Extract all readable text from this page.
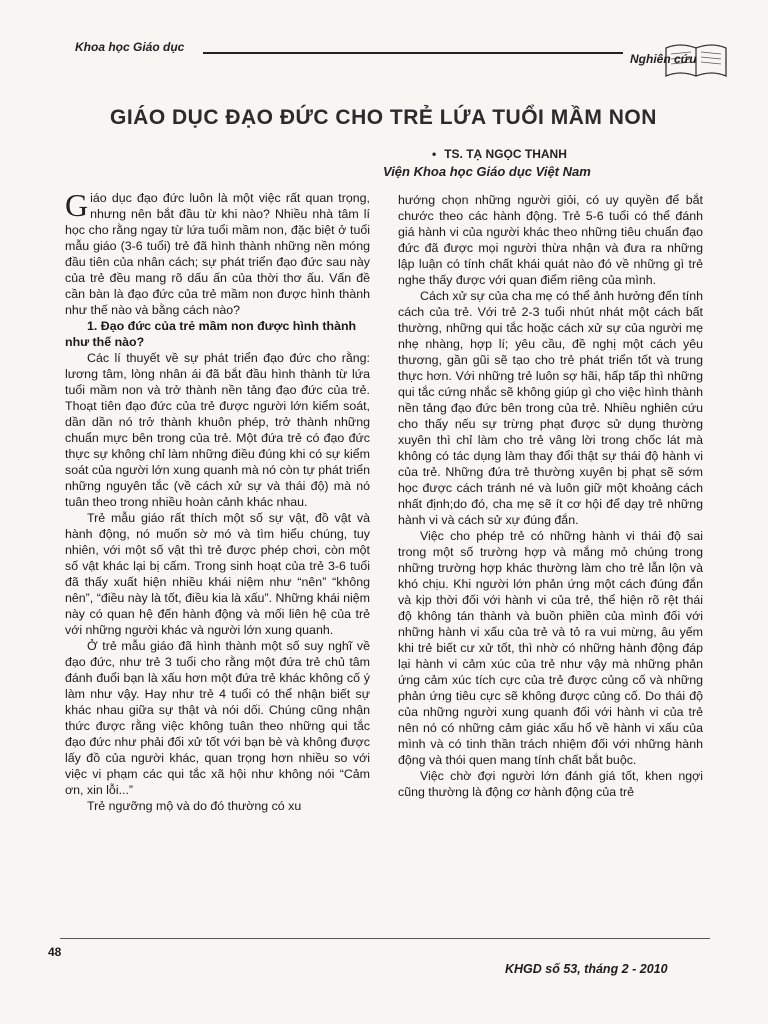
Khoa học Giáo dục
Nghiên cứu
GIÁO DỤC ĐẠO ĐỨC CHO TRẺ LỨA TUỔI MẦM NON
• TS. TẠ NGỌC THANH
Viện Khoa học Giáo dục Việt Nam

Giáo dục đạo đức luôn là một việc rất quan trọng, nhưng nên bắt đầu từ khi nào? Nhiều nhà tâm lí học cho rằng ngay từ lứa tuổi mầm non, đặc biệt ở tuổi mẫu giáo (3-6 tuổi) trẻ đã hình thành những nền móng đầu tiên của nhân cách; sự phát triển đạo đức sau này của trẻ đều mang rõ dấu ấn của thời thơ ấu. Vấn đề cần bàn là đạo đức của trẻ mầm non được hình thành như thế nào và bằng cách nào?

1. Đạo đức của trẻ mầm non được hình thành như thế nào?

Các lí thuyết về sự phát triển đạo đức cho rằng: lương tâm, lòng nhân ái đã bắt đầu hình thành từ lứa tuổi mầm non và trở thành nền tảng đạo đức của trẻ. Thoạt tiên đạo đức của trẻ được người lớn kiểm soát, dần dần nó trở thành khuôn phép, trở thành những chuẩn mực bên trong của trẻ. Một đứa trẻ có đạo đức thực sự không chỉ làm những điều đúng khi có sự kiểm soát của người lớn xung quanh mà nó còn tự phát triển những nguyên tắc (về cách xử sự và thái độ) mà nó tuân theo trong nhiều hoàn cảnh khác nhau.

Trẻ mẫu giáo rất thích một số sự vật, đồ vật và hành động, nó muốn sờ mó và tìm hiểu chúng, tuy nhiên, với một số vật thì trẻ được phép chơi, còn một số vật khác lại bị cấm. Trong sinh hoạt của trẻ 3-6 tuổi đã thấy xuất hiện nhiều khái niệm như “nên” “không nên”, “điều này là tốt, điều kia là xấu”. Những khái niệm này có quan hệ đến hành động và mối liên hệ của trẻ với những người khác và người lớn xung quanh.

Ở trẻ mẫu giáo đã hình thành một số suy nghĩ về đạo đức, như trẻ 3 tuổi cho rằng một đứa trẻ chủ tâm đánh đuổi bạn là xấu hơn một đứa trẻ khác không cố ý làm như vậy. Hay như trẻ 4 tuổi có thể nhận biết sự khác nhau giữa sự thật và nói dối. Chúng cũng nhận thức được rằng việc không tuân theo những qui tắc đạo đức như phải đối xử tốt với bạn bè và không được lấy đồ của người khác, quan trọng hơn nhiều so với việc vi phạm các qui tắc xã hội như không nói “Cảm ơn, xin lỗi...”

Trẻ ngưỡng mộ và do đó thường có xu

hướng chọn những người giỏi, có uy quyền để bắt chước theo các hành động. Trẻ 5-6 tuổi có thể đánh giá hành vi của người khác theo những tiêu chuẩn đạo đức đã được mọi người thừa nhận và đưa ra những lập luận có tính chất khái quát nào đó về những gì trẻ nghe thấy được với quan điểm riêng của mình.

Cách xử sự của cha mẹ có thể ảnh hưởng đến tính cách của trẻ. Với trẻ 2-3 tuổi nhút nhát một cách bất thường, những qui tắc hoặc cách xử sự của người mẹ nhẹ nhàng, hợp lí; yêu cầu, đề nghị một cách yêu thương, gần gũi sẽ tạo cho trẻ phát triển tốt và trung thực hơn. Với những trẻ luôn sợ hãi, hấp tấp thì những qui tắc cứng nhắc sẽ không giúp gì cho việc hình thành nền tảng đạo đức bên trong của trẻ. Nhiều nghiên cứu cho thấy nếu sự trừng phạt được sử dụng thường xuyên thì chỉ làm cho trẻ vâng lời trong chốc lát mà không có tác dụng làm thay đổi thật sự thái độ hành vi của trẻ. Những đứa trẻ thường xuyên bị phạt sẽ sớm học được cách tránh né và luôn giữ một khoảng cách nhất định;do đó, cha mẹ sẽ ít cơ hội để dạy trẻ những hành vi và cách sử xự đúng đắn.

Việc cho phép trẻ có những hành vi thái độ sai trong một số trường hợp và mắng mỏ chúng trong những trường hợp khác thường làm cho trẻ lẫn lộn và khó chịu. Khi người lớn phản ứng một cách đúng đắn và kịp thời đối với hành vi của trẻ, thể hiện rõ rệt thái độ không tán thành và buồn phiền của mình đối với những hành vi xấu của trẻ và tỏ ra vui mừng, âu yếm khi trẻ biết cư xử tốt, thì nhờ có những hành động đáp lại hành vi cảm xúc của trẻ như vậy mà những phản ứng cảm xúc tích cực của trẻ được củng cố và những phản ứng tiêu cực sẽ không được củng cố. Do thái độ của những người xung quanh đối với hành vi của trẻ nên nó có những cảm giác xấu hổ về hành vi xấu của mình và có tinh thần trách nhiệm đối với những hành động và thói quen mang tính chất bắt buộc.

Việc chờ đợi người lớn đánh giá tốt, khen ngợi cũng thường là động cơ hành động của trẻ

48
KHGD số 53, tháng 2 - 2010
